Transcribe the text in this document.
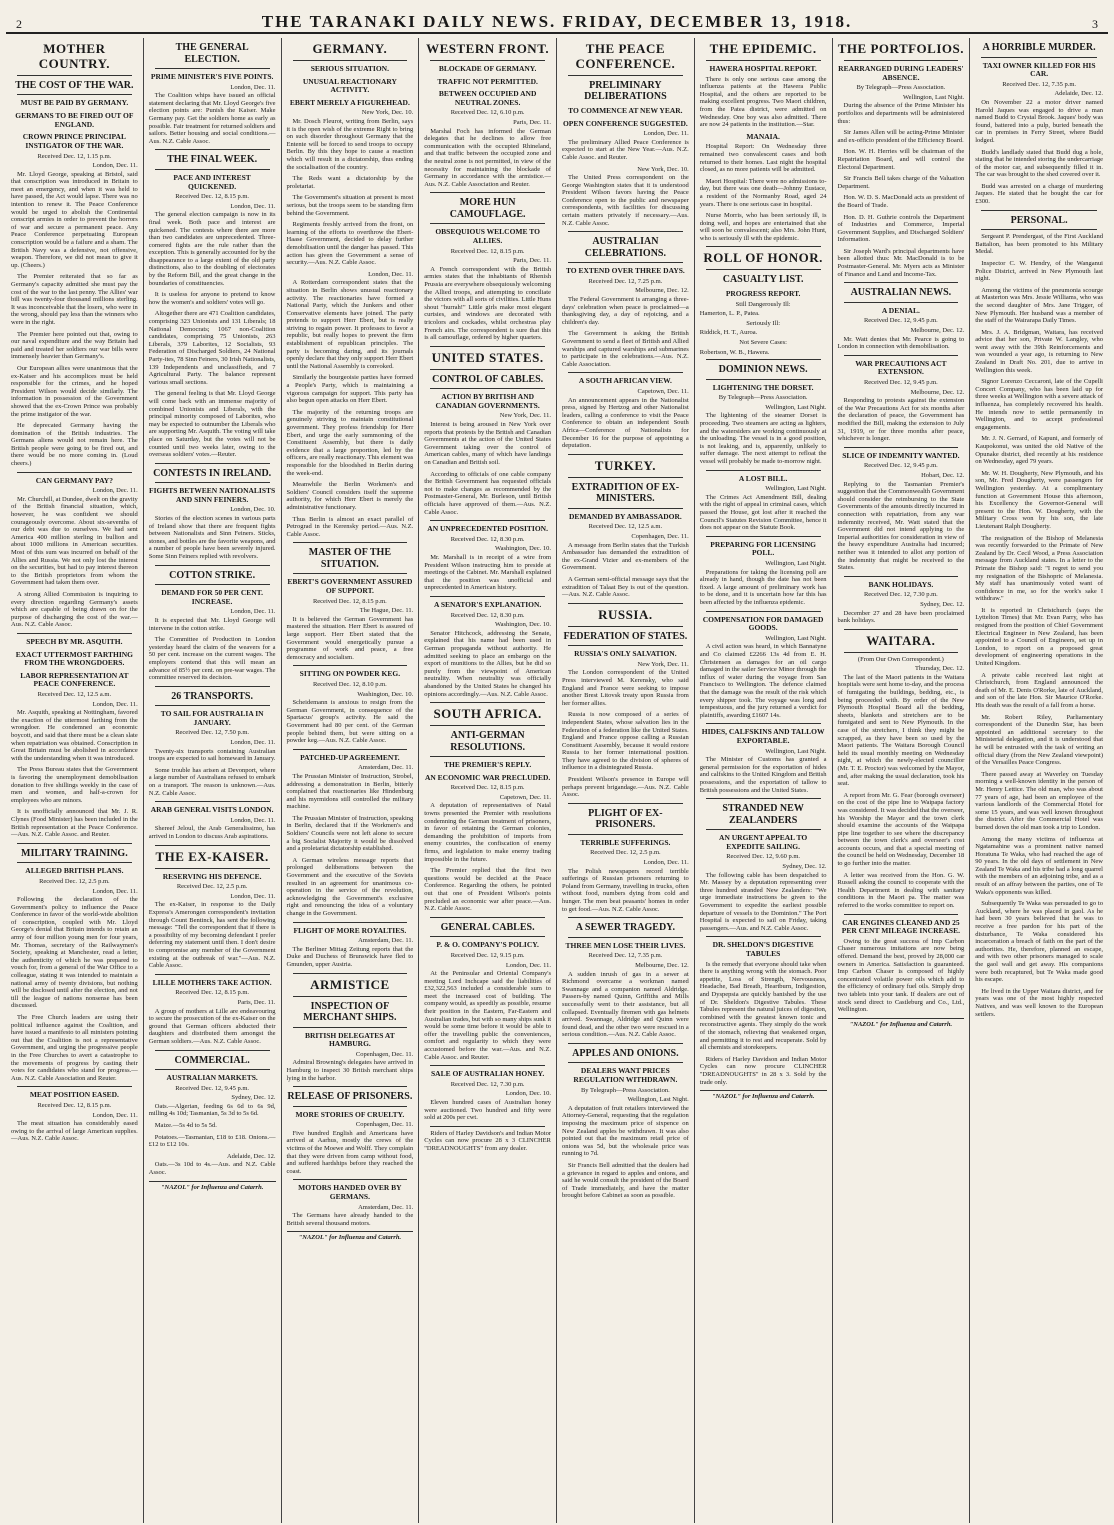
2	THE TARANAKI DAILY NEWS. FRIDAY, DECEMBER 13, 1918.	3
MOTHER COUNTRY.
THE COST OF THE WAR.
MUST BE PAID BY GERMANY.
GERMANS TO BE FIRED OUT OF ENGLAND.
CROWN PRINCE PRINCIPAL INSTIGATOR OF THE WAR.
Received Dec. 12, 1.15 p.m.
London, Dec. 11.

Mr. Lloyd George, speaking at Bristol, said that conscription was introduced in Britain to meet an emergency, and when it was held to have passed, the Act would lapse. There was no intention to renew it. The Peace Conference would be urged to abolish the Continental conscript armies in order to prevent the horrors of war and secure a permanent peace. Any Peace Conference perpetuating European conscription would be a failure and a sham. The British Navy was a defensive, not offensive, weapon. Therefore, we did not mean to give it up. (Cheers.)

The Premier reiterated that so far as Germany's capacity admitted she must pay the cost of the war to the last penny. The Allies' war bill was twenty-four thousand millions sterling. It was inconceivable that the losers, who were in the wrong, should pay less than the winners who were in the right.

The Premier here pointed out that, owing to our naval expenditure and the way Britain had paid and treated her soldiers our war bills were immensely heavier than Germany's.

Our European allies were unanimous that the ex-Kaiser and his accomplices must be held responsible for the crimes, and he hoped President Wilson would decide similarly. The information in possession of the Government showed that the ex-Crown Prince was probably the prime instigator of the war.

He deprecated Germany having the domination of the British industries. The Germans aliens would not remain here. The British people were going to be fired out, and there would be no more coming in. (Loud cheers.)

CAN GERMANY PAY?
London, Dec. 11.

Mr. Churchill, at Dundee, dwelt on the gravity of the British financial situation, which, however, he was confident we should courageously overcome. About six-sevenths of our debt was due to ourselves. We had sent America 400 million sterling in bullion and about 1000 millions in American securities. Most of this sum was incurred on behalf of the Allies and Russia. We not only lost the interest on the securities, but had to pay interest thereon to the British proprietors from whom the Government had taken them over.

A strong Allied Commission is inquiring to every direction regarding Germany's assets which are capable of being drawn on for the purpose of discharging the cost of the war.—Aus. N.Z. Cable Assoc.

SPEECH BY MR. ASQUITH.
EXACT UTTERMOST FARTHING FROM THE WRONGDOERS.
LABOR REPRESENTATION AT PEACE CONFERENCE.
Received Dec. 12, 12.5 a.m.
London, Dec. 11.

Mr. Asquith, speaking at Nottingham, favored the exaction of the uttermost farthing from the wrongdoer. He condemned an economic boycott, and said that there must be a clean slate when repatriation was obtained. Conscription in Great Britain must be abolished in accordance with the understanding when it was introduced.

The Press Bureau states that the Government is favoring the unemployment demobilisation donation to five shillings weekly in the case of men and women, and half-a-crown for employees who are minors.

It is unofficially announced that Mr. J. R. Clynes (Food Minister) has been included in the British representation at the Peace Conference.—Aus. N.Z. Cable Assoc. and Reuter.

MILITARY TRAINING.
ALLEGED BRITISH PLANS.
Received Dec. 12, 2.5 p.m.
London, Dec. 11.

Following the declaration of the Government's policy to influence the Peace Conference in favor of the world-wide abolition of conscription, coupled with Mr. Lloyd George's denial that Britain intends to retain an army of four million young men for four years, Mr. Thomas, secretary of the Railwaymen's Society, speaking at Manchester, read a letter, the authenticity of which he was prepared to vouch for, from a general of the War Office to a colleague, stating it was intended to maintain a national army of twenty divisions, but nothing will be disclosed until after the election, and not till the league of nations nonsense has been discussed.

The Free Church leaders are using their political influence against the Coalition, and have issued a manifesto to all ministers pointing out that the Coalition is not a representative Government, and urging the progressive people in the Free Churches to avert a catastrophe to the movements of progress by casting their votes for candidates who stand for progress.—Aus. N.Z. Cable Association and Reuter.

MEAT POSITION EASED.
Received Dec. 12, 8.15 p.m.
London, Dec. 11.

The meat situation has considerably eased owing to the arrival of large American supplies.—Aus. N.Z. Cable Assoc.

THE GENERAL ELECTION.
PRIME MINISTER'S FIVE POINTS.
London, Dec. 11.

The Coalition whips have issued an official statement declaring that Mr. Lloyd George's five election points are: Punish the Kaiser. Make Germany pay. Get the soldiers home as early as possible. Fair treatment for returned soldiers and sailors. Better housing and social conditions.—Aus. N.Z. Cable Assoc.

THE FINAL WEEK.
PACE AND INTEREST QUICKENED.
Received Dec. 12, 8.15 p.m.
London, Dec. 11.

The general election campaign is now in its final week. Both pace and interest are quickened. The contests where there are more than two candidates are unprecedented. Three-cornered fights are the rule rather than the exception. This is generally accounted for by the disappearance to a large extent of the old party distinctions, also to the doubling of electorates by the Reform Bill, and the great change in the boundaries of constituencies.

It is useless for anyone to pretend to know how the women's and soldiers' votes will go.

Altogether there are 471 Coalition candidates, comprising 323 Unionists and 131 Liberals; 18 National Democrats; 1067 non-Coalition candidates, comprising 75 Unionists, 263 Liberals, 379 Laborites, 12 Socialists, 93 Federation of Discharged Soldiers, 24 National Party-ites, 78 Sinn Feiners, 30 Irish Nationalists, 139 Independents and unclassifieds, and 7 Agricultural Party. The balance represent various small sections.

The general feeling is that Mr. Lloyd George will come back with an immense majority of combined Unionists and Liberals, with the principal minority composed of Laborites, who may be expected to outnumber the Liberals who are supporting Mr. Asquith. The voting will take place on Saturday, but the votes will not be counted until two weeks later, owing to the overseas soldiers' votes.—Reuter.

CONTESTS IN IRELAND.
FIGHTS BETWEEN NATIONALISTS AND SINN FEINERS.
London, Dec. 10.

Stories of the election scenes in various parts of Ireland show that there are frequent fights between Nationalists and Sinn Feiners. Sticks, stones, and bottles are the favorite weapons, and a number of people have been severely injured. Some Sinn Feiners replied with revolvers.

COTTON STRIKE.
DEMAND FOR 50 PER CENT. INCREASE.
London, Dec. 11.

It is expected that Mr. Lloyd George will intervene in the cotton strike.

The Committee of Production in London yesterday heard the claim of the weavers for a 50 per cent. increase on the current wages. The employers contend that this will mean an advance of 85½ per cent. on pre-war wages. The committee reserved its decision.

26 TRANSPORTS.
TO SAIL FOR AUSTRALIA IN JANUARY.
Received Dec. 12, 7.50 p.m.
London, Dec. 11.

Twenty-six transports containing Australian troops are expected to sail homeward in January.

Some trouble has arisen at Devonport, where a large number of Australians refused to embark on a transport. The reason is unknown.—Aus. N.Z. Cable Assoc.

ARAB GENERAL VISITS LONDON.
London, Dec. 11.

Shereef Jeloul, the Arab Generalissimo, has arrived in London to discuss Arab aspirations.

THE EX-KAISER.
RESERVING HIS DEFENCE.
Received Dec. 12, 2.5 p.m.
London, Dec. 11.

The ex-Kaiser, in response to the Daily Express's Amerongen correspondent's invitation through Count Bentinck, has sent the following message: "Tell the correspondent that if there is a possibility of my becoming defendant I prefer deferring my statement until then. I don't desire to compromise any member of the Government existing at the outbreak of war."—Aus. N.Z. Cable Assoc.

LILLE MOTHERS TAKE ACTION.
Received Dec. 12, 8.15 p.m.
Paris, Dec. 11.

A group of mothers at Lille are endeavouring to secure the prosecution of the ex-Kaiser on the ground that German officers abducted their daughters and distributed them amongst the German soldiers.—Aus. N.Z. Cable Assoc.

COMMERCIAL.
AUSTRALIAN MARKETS.
Received Dec. 12, 9.45 p.m.
Sydney, Dec. 12.

Oats.—Algerian, feeding 6s 6d to 6s 9d, milling 4s 10d; Tasmanian, 5s 3d to 5s 6d.

Maize.—5s 4d to 5s 5d.

Potatoes.—Tasmanian, £18 to £18. Onions.—£12 to £12 10s.

Adelaide, Dec. 12.

Oats.—3s 10d to 4s.—Aus. and N.Z. Cable Assoc.

"NAZOL" for Influenza and Catarrh.
GERMANY.
SERIOUS SITUATION.
UNUSUAL REACTIONARY ACTIVITY.
EBERT MERELY A FIGUREHEAD.
New York, Dec. 10.

Mr. Dosch Fleurot, writing from Berlin, says it is the open wish of the extreme Right to bring on such disorder throughout Germany that the Entente will be forced to send troops to occupy Berlin. By this they hope to cause a reaction which will result in a dictatorship, thus ending the socialisation of the country.

The Reds want a dictatorship by the proletariat.

The Government's situation at present is most serious, but the troops seem to be standing firm behind the Government.

Regiments freshly arrived from the front, on learning of the efforts to overthrow the Ebert-Haase Government, decided to delay further demobilisation until the danger has passed. This action has given the Government a sense of security.—Aus. N.Z. Cable Assoc.

London, Dec. 11.

A Rotterdam correspondent states that the situation in Berlin shows unusual reactionary activity. The reactionaries have formed a National Party, which the Junkers and other Conservative elements have joined. The party pretends to support Herr Ebert, but is really striving to regain power. It professes to favor a republic, but really hopes to prevent the firm establishment of republican principles. The party is becoming daring, and its journals openly declare that they only support Herr Ebert until the National Assembly is convoked.

Similarly the bourgeoisie parties have formed a People's Party, which is maintaining a vigorous campaign for support. This party has also begun open attacks on Herr Ebert.

The majority of the returning troops are genuinely striving to maintain constitutional government. They profess friendship for Herr Ebert, and urge the early summoning of the Constituent Assembly, but there is daily evidence that a large proportion, led by the officers, are really reactionary. This element was responsible for the bloodshed in Berlin during the week-end.

Meanwhile the Berlin Workmen's and Soldiers' Council considers itself the supreme authority, for which Herr Ebert is merely the administrative functionary.

Thus Berlin is almost an exact parallel of Petrograd in the Kerensky period.—Aus. N.Z. Cable Assoc.

MASTER OF THE SITUATION.
EBERT'S GOVERNMENT ASSURED OF SUPPORT.
Received Dec. 12, 8.15 p.m.
The Hague, Dec. 11.

It is believed the German Government has mastered the situation. Herr Ebert is assured of large support. Herr Ebert stated that the Government would energetically pursue a programme of work and peace, a free democracy and socialism.

SITTING ON POWDER KEG.
Received Dec. 12, 8.10 p.m.
Washington, Dec. 10.

Scheidemann is anxious to resign from the German Government, in consequence of the Spartacus' group's activity. He said the Government had 80 per cent. of the German people behind them, but were sitting on a powder keg.—Aus. N.Z. Cable Assoc.

PATCHED-UP AGREEMENT.
Amsterdam, Dec. 11.

The Prussian Minister of Instruction, Strobel, addressing a demonstration in Berlin, bitterly complained that reactionaries like Hindenburg and his myrmidons still controlled the military machine.

The Prussian Minister of Instruction, speaking in Berlin, declared that if the Workmen's and Soldiers' Councils were not left alone to secure a big Socialist Majority it would be dissolved and a proletariat dictatorship established.

A German wireless message reports that prolonged deliberations between the Government and the executive of the Soviets resulted in an agreement for unanimous co-operation in the service of the revolution, acknowledging the Government's exclusive right and renouncing the idea of a voluntary change in the Government.

FLIGHT OF MORE ROYALTIES.
Amsterdam, Dec. 11.

The Berliner Mittag Zeitung reports that the Duke and Duchess of Brunswick have fled to Gmunden, upper Austria.

ARMISTICE
INSPECTION OF MERCHANT SHIPS.
BRITISH DELEGATES AT HAMBURG.
Copenhagen, Dec. 11.

Admiral Browning's delegates have arrived in Hamburg to inspect 30 British merchant ships lying in the harbor.

RELEASE OF PRISONERS.
MORE STORIES OF CRUELTY.
Copenhagen, Dec. 11.

Five hundred English and Americans have arrived at Aarhus, mostly the crews of the victims of the Moewe and Wolff. They complain that they were driven from camp without food, and suffered hardships before they reached the coast.

MOTORS HANDED OVER BY GERMANS.
Amsterdam, Dec. 11.

The Germans have already handed to the British several thousand motors.

"NAZOL" for Influenza and Catarrh.
WESTERN FRONT.
BLOCKADE OF GERMANY.
TRAFFIC NOT PERMITTED.
BETWEEN OCCUPIED AND NEUTRAL ZONES.
Received Dec. 12, 6.10 p.m.
Paris, Dec. 11.

Marshal Foch has informed the German delegates that he declines to allow free communication with the occupied Rhineland, and that traffic between the occupied zone and the neutral zone is not permitted, in view of the necessity for maintaining the blockade of Germany in accordance with the armistice.—Aus. N.Z. Cable Association and Reuter.

MORE HUN CAMOUFLAGE.
OBSEQUIOUS WELCOME TO ALLIES.
Received Dec. 12, 8.15 p.m.
Paris, Dec. 11.

A French correspondent with the British armies states that the inhabitants of Rhenish Prussia are everywhere obsequiously welcoming the Allied troops, and attempting to conciliate the victors with all sorts of civilities. Little Huns shout "hurrah!" Little girls make most elegant curtsies, and windows are decorated with tricolors and cockades, whilst orchestras play French airs. The correspondent is sure that this is all camouflage, ordered by higher quarters.

UNITED STATES.
CONTROL OF CABLES.
ACTION BY BRITISH AND CANADIAN GOVERNMENTS.
New York, Dec. 11.

Interest is being aroused in New York over reports that protests by the British and Canadian Governments at the action of the United States Government taking over the control of American cables, many of which have landings on Canadian and British soil.

According to officials of one cable company the British Government has requested officials not to make changes as recommended by the Postmaster-General, Mr. Burleson, until British officials have approved of them.—Aus. N.Z. Cable Assoc.

AN UNPRECEDENTED POSITION.
Received Dec. 12, 8.30 p.m.
Washington, Dec. 10.

Mr. Marshall is in receipt of a wire from President Wilson instructing him to preside at meetings of the Cabinet. Mr. Marshall explained that the position was unofficial and unprecedented in American history.

A SENATOR'S EXPLANATION.
Received Dec. 12, 8.30 p.m.
Washington, Dec. 10.

Senator Hitchcock, addressing the Senate, explained that his name had been used in German propaganda without authority. He admitted seeking to place an embargo on the export of munitions to the Allies, but he did so purely from the viewpoint of American neutrality. When neutrality was officially abandoned by the United States he changed his opinions accordingly.—Aus. N.Z. Cable Assoc.

SOUTH AFRICA.
ANTI-GERMAN RESOLUTIONS.
THE PREMIER'S REPLY.
AN ECONOMIC WAR PRECLUDED.
Received Dec. 12, 8.15 p.m.
Capetown, Dec. 11.

A deputation of representatives of Natal towns presented the Premier with resolutions condemning the German treatment of prisoners, in favor of retaining the German colonies, demanding the prohibition of imports from enemy countries, the confiscation of enemy firms, and legislation to make enemy trading impossible in the future.

The Premier replied that the first two questions would be decided at the Peace Conference. Regarding the others, he pointed out that one of President Wilson's points precluded an economic war after peace.—Aus. N.Z. Cable Assoc.

GENERAL CABLES.
P. & O. COMPANY'S POLICY.
Received Dec. 12, 9.15 p.m.
London, Dec. 11.

At the Peninsular and Oriental Company's meeting Lord Inchcape said the liabilities of £32,322,563 included a considerable sum to meet the increased cost of building. The company would, as speedily as possible, resume their position in the Eastern, Far-Eastern and Australian trades, but with so many ships sunk it would be some time before it would be able to offer the travelling public the conveniences, comfort and regularity to which they were accustomed before the war.—Aus. and N.Z. Cable Assoc. and Reuter.

SALE OF AUSTRALIAN HONEY.
Received Dec. 12, 7.30 p.m.
London, Dec. 10.

Eleven hundred cases of Australian honey were auctioned. Two hundred and fifty were sold at 200s per cwt.

Riders of Harley Davidson's and Indian Motor Cycles can now procure 28 x 3 CLINCHER "DREADNOUGHTS" from any dealer.

THE PEACE CONFERENCE.
PRELIMINARY DELIBERATIONS
TO COMMENCE AT NEW YEAR.
OPEN CONFERENCE SUGGESTED.
London, Dec. 11.

The preliminary Allied Peace Conference is expected to start at the New Year.—Aus. N.Z. Cable Assoc. and Reuter.

New York, Dec. 10.

The United Press correspondent on the George Washington states that it is understood President Wilson favors having the Peace Conference open to the public and newspaper correspondents, with facilities for discussing certain matters privately if necessary.—Aus. N.Z. Cable Assoc.

AUSTRALIAN CELEBRATIONS.
TO EXTEND OVER THREE DAYS.
Received Dec. 12, 7.25 p.m.
Melbourne, Dec. 12.

The Federal Government is arranging a three-days' celebration when peace is proclaimed—a thanksgiving day, a day of rejoicing, and a children's day.

The Government is asking the British Government to send a fleet of British and Allied warships and captured warships and submarines to participate in the celebrations.—Aus. N.Z. Cable Association.

A SOUTH AFRICAN VIEW.
Capetown, Dec. 11.

An announcement appears in the Nationalist press, signed by Hertzog and other Nationalist leaders, calling a conference to visit the Peace Conference to obtain an independent South Africa—Conference of Nationalists for December 16 for the purpose of appointing a deputation.

TURKEY.
EXTRADITION OF EX-MINISTERS.
DEMANDED BY AMBASSADOR.
Received Dec. 12, 12.5 a.m.
Copenhagen, Dec. 11.

A message from Berlin states that the Turkish Ambassador has demanded the extradition of the ex-Grand Vizier and ex-members of the Government.

A German semi-official message says that the extradition of Talaat Bey is out of the question.—Aus. N.Z. Cable Assoc.

RUSSIA.
FEDERATION OF STATES.
RUSSIA'S ONLY SALVATION.
New York, Dec. 11.

The London correspondent of the United Press interviewed M. Kerensky, who said England and France were seeking to impose another Brest Litovsk treaty upon Russia from her former allies.

Russia is now composed of a series of independent States, whose salvation lies in the Federation of a federation like the United States. England and France oppose calling a Russian Constituent Assembly, because it would restore Russia to her former international position. They have agreed to the division of spheres of influence in a disintegrated Russia.

President Wilson's presence in Europe will perhaps prevent brigandage.—Aus. N.Z. Cable Assoc.

PLIGHT OF EX-PRISONERS.
TERRIBLE SUFFERINGS.
Received Dec. 12, 2.5 p.m.
London, Dec. 11.

The Polish newspapers record terrible sufferings of Russian prisoners returning to Poland from Germany, travelling in trucks, often without food, numbers dying from cold and hunger. The men beat peasants' homes in order to get food.—Aus. N.Z. Cable Assoc.

A SEWER TRAGEDY.
THREE MEN LOSE THEIR LIVES.
Received Dec. 12, 7.35 p.m.
Melbourne, Dec. 12.

A sudden inrush of gas in a sewer at Richmond overcame a workman named Swannage and a companion named Aldridge. Passers-by named Quinn, Griffiths and Mills successfully went to their assistance, but all collapsed. Eventually firemen with gas helmets arrived. Swannage, Aldridge and Quinn were found dead, and the other two were rescued in a serious condition.—Aus. N.Z. Cable Assoc.

APPLES AND ONIONS.
DEALERS WANT PRICES REGULATION WITHDRAWN.
By Telegraph—Press Association.
Wellington, Last Night.

A deputation of fruit retailers interviewed the Attorney-General, requesting that the regulation imposing the maximum price of sixpence on New Zealand apples be withdrawn. It was also pointed out that the maximum retail price of onions was 5d, but the wholesale price was running to 7d.

Sir Francis Bell admitted that the dealers had a grievance in regard to apples and onions, and said he would consult the president of the Board of Trade immediately, and have the matter brought before Cabinet as soon as possible.

THE EPIDEMIC.
HAWERA HOSPITAL REPORT.

There is only one serious case among the influenza patients at the Hawera Public Hospital, and the others are reported to be making excellent progress. Two Maori children, from the Patea district, were admitted on Wednesday. One boy was also admitted. There are now 24 patients in the institution.—Star.

MANAIA.

Hospital Report: On Wednesday three remained two convalescent cases and both returned to their homes. Last night the hospital closed, as no more patients will be admitted.

Maori Hospital: There were no admissions to-day, but there was one death—Johnny Eustace, a resident of the Normanby Road, aged 24 years. There is one serious case in hospital.

Nurse Morris, who has been seriously ill, is doing well, and hopes are entertained that she will soon be convalescent; also Mrs. John Hunt, who is seriously ill with the epidemic.

ROLL OF HONOR.
CASUALTY LIST.
PROGRESS REPORT.
Still Dangerously Ill:
Hamerton, L. P., Patea.
Seriously Ill:
Riddick, H. T., Auroa.
Not Severe Cases:
Robertson, W. B., Hawera.
DOMINION NEWS.
LIGHTENING THE DORSET.
By Telegraph—Press Association.
Wellington, Last Night.

The lightening of the steamer Dorset is proceeding. Two steamers are acting as lighters, and the watersiders are working continuously at the unloading. The vessel is in a good position, is not leaking, and is, apparently, unlikely to suffer damage. The next attempt to refloat the vessel will probably be made to-morrow night.

A LOST BILL.
Wellington, Last Night.

The Crimes Act Amendment Bill, dealing with the right of appeal in criminal cases, which passed the House, got lost after it reached the Council's Statutes Revision Committee, hence it does not appear on the Statute Book.

PREPARING FOR LICENSING POLL.
Wellington, Last Night.

Preparations for taking the licensing poll are already in hand, though the date has not been fixed. A large amount of preliminary work has to be done, and it is uncertain how far this has been affected by the influenza epidemic.

COMPENSATION FOR DAMAGED GOODS.
Wellington, Last Night.

A civil action was heard, in which Bannatyne and Co claimed £2266 13s 4d from E. H. Christensen as damages for an oil cargo damaged in the sailer Service Minor through the influx of water during the voyage from San Francisco to Wellington. The defence claimed that the damage was the result of the risk which every shipper took. The voyage was long and tempestuous, and the jury returned a verdict for plaintiffs, awarding £1607 14s.

HIDES, CALFSKINS AND TALLOW EXPORTABLE.
Wellington, Last Night.

The Minister of Customs has granted a general permission for the exportation of hides and calfskins to the United Kingdom and British possessions, and the exportation of tallow to British possessions and the United States.

STRANDED NEW ZEALANDERS
AN URGENT APPEAL TO EXPEDITE SAILING.
Received Dec. 12, 9.60 p.m.
Sydney, Dec. 12.

The following cable has been despatched to Mr. Massey by a deputation representing over three hundred stranded New Zealanders: "We urge immediate instructions be given to the Government to expedite the earliest possible departure of vessels to the Dominion." The Port Hospital is expected to sail on Friday, taking passengers.—Aus. and N.Z. Cable Assoc.

DR. SHELDON'S DIGESTIVE TABULES

Is the remedy that everyone should take when there is anything wrong with the stomach. Poor appetite, Loss of Strength, Nervousness, Headache, Bad Breath, Heartburn, Indigestion, and Dyspepsia are quickly banished by the use of Dr. Sheldon's Digestive Tabules. These Tabules represent the natural juices of digestion, combined with the greatest known tonic and reconstructive agents. They simply do the work of the stomach, relieving that weakened organ, and permitting it to rest and recuperate. Sold by all chemists and storekeepers.

Riders of Harley Davidson and Indian Motor Cycles can now procure CLINCHER "DREADNOUGHTS" in 28 x 3. Sold by the trade only.

"NAZOL" for Influenza and Catarrh.
THE PORTFOLIOS.
REARRANGED DURING LEADERS' ABSENCE.
By Telegraph—Press Association.
Wellington, Last Night.

During the absence of the Prime Minister his portfolios and departments will be administered thus:

Sir James Allen will be acting-Prime Minister and ex-officio president of the Efficiency Board.

Hon. W. H. Herries will be chairman of the Repatriation Board, and will control the Electoral Department.

Sir Francis Bell takes charge of the Valuation Department.

Hon. W. D. S. MacDonald acts as president of the Board of Trade.

Hon. D. H. Guthrie controls the Department of Industries and Commerce, Imperial Government Supplies, and Discharged Soldiers' Information.

Sir Joseph Ward's principal departments have been allotted thus: Mr. MacDonald is to be Postmaster-General. Mr. Myers acts as Minister of Finance and Land and Income-Tax.

AUSTRALIAN NEWS.
A DENIAL.
Received Dec. 12, 9.45 p.m.
Melbourne, Dec. 12.

Mr. Watt denies that Mr. Pearce is going to London in connection with demobilisation.

WAR PRECAUTIONS ACT EXTENSION.
Received Dec. 12, 9.45 p.m.
Melbourne, Dec. 12.

Responding to protests against the extension of the War Precautions Act for six months after the declaration of peace, the Government has modified the Bill, making the extension to July 31, 1919, or for three months after peace, whichever is longer.

SLICE OF INDEMNITY WANTED.
Received Dec. 12, 9.45 p.m.
Hobart, Dec. 12.

Replying to the Tasmanian Premier's suggestion that the Commonwealth Government should consider the reimbursing to the State Governments of the amounts directly incurred in connection with repatriation, from any war indemnity received, Mr. Watt stated that the Government did not intend applying to the Imperial authorities for consideration in view of the heavy expenditure Australia had incurred; neither was it intended to allot any portion of the indemnity that might be received to the States.

BANK HOLIDAYS.
Received Dec. 12, 7.30 p.m.
Sydney, Dec. 12.

December 27 and 28 have been proclaimed bank holidays.

WAITARA.
(From Our Own Correspondent.)
Thursday, Dec. 12.

The last of the Maori patients in the Waitara hospitals were sent home to-day, and the process of fumigating the buildings, bedding, etc., is being proceeded with. By order of the New Plymouth Hospital Board all the bedding, sheets, blankets and stretchers are to be fumigated and sent to New Plymouth. In the case of the stretchers, I think they might be scrapped, as they have been so used by the Maori patients. The Waitara Borough Council held its usual monthly meeting on Wednesday night, at which the newly-elected councillor (Mr. T. E. Proctor) was welcomed by the Mayor, and, after making the usual declaration, took his seat.

A report from Mr. G. Fear (borough overseer) on the cost of the pipe line to Waipapa factory was considered. It was decided that the overseer, his Worship the Mayor and the town clerk should examine the accounts of the Waipapa pipe line together to see where the discrepancy between the town clerk's and overseer's cost accounts occurs, and that a special meeting of the council be held on Wednesday, December 18 to go further into the matter.

A letter was received from the Hon. G. W. Russell asking the council to cooperate with the Health Department in dealing with sanitary conditions in the Maori pa. The matter was referred to the works committee to report on.

CAR ENGINES CLEANED AND 25 PER CENT MILEAGE INCREASE.

Owing to the great success of Imp Carbon Chaser numerous imitations are now being offered. Demand the best, proved by 28,000 car owners in America. Satisfaction is guaranteed. Imp Carbon Chaser is composed of highly concentrated volatile power oils which add to the efficiency of ordinary fuel oils. Simply drop two tablets into your tank. If dealers are out of stock send direct to Castleburg and Co., Ltd., Wellington.

"NAZOL" for Influenza and Catarrh.
A HORRIBLE MURDER.
TAXI OWNER KILLED FOR HIS CAR.
Received Dec. 12, 7.35 p.m.
Adelaide, Dec. 12.

On November 22 a motor driver named Harold Jaques was engaged to drive a man named Budd to Crystal Brook. Jaques' body was found, battered into a pulp, buried beneath the car in premises in Ferry Street, where Budd lodged.

Budd's landlady stated that Budd dug a hole, stating that he intended storing the undercarriage of the motor car, and subsequently filled it in. The car was brought to the shed covered over it.

Budd was arrested on a charge of murdering Jaques. He stated that he bought the car for £300.

PERSONAL.

Sergeant P. Prendergast, of the First Auckland Battalion, has been promoted to his Military Medal.

Inspector C. W. Hendry, of the Wanganui Police District, arrived in New Plymouth last night.

Among the victims of the pneumonia scourge at Masterton was Mrs. Jessie Williams, who was the second daughter of Mrs. Jane Trigger, of New Plymouth. Her husband was a member of the staff of the Wairarapa Daily Times.

Mrs. J. A. Bridgman, Waitara, has received advice that her son, Private W. Langley, who went away with the 39th Reinforcements and was wounded a year ago, is returning to New Zealand in Draft No. 201, due to arrive in Wellington this week.

Signor Lorenzo Ceccaroni, late of the Cupelli Concert Company, who has been laid up for three weeks at Wellington with a severe attack of influenza, has completely recovered his health. He intends now to settle permanently in Wellington, and to accept professional engagements.

Mr. J. N. Gerrard, of Kapuni, and formerly of Kaupokonui, was united the old Native of the Opunake district, died recently at his residence on Wednesday, aged 79 years.

Mr. W. H. Dougherty, New Plymouth, and his son, Mr. Fred Dougherty, were passengers for Wellington yesterday. At a complimentary function at Government House this afternoon, his Excellency the Governor-General will present to the Hon. W. Dougherty, with the Military Cross won by his son, the late Lieutenant Ralph Dougherty.

The resignation of the Bishop of Melanesia was recently forwarded to the Primate of New Zealand by Dr. Cecil Wood, a Press Association message from Auckland states. In a letter to the Primate the Bishop said: "I regret to send you my resignation of the Bishopric of Melanesia. My staff has unanimously voted want of confidence in me, so for the work's sake I withdraw."

It is reported in Christchurch (says the Lyttelton Times) that Mr. Evan Parry, who has resigned from the position of Chief Government Electrical Engineer in New Zealand, has been appointed to a Council of Engineers, set up in London, to report on a proposed great development of engineering operations in the United Kingdom.

A private cable received last night at Christchurch, from England announced the death of Mr. E. Denis O'Rorke, late of Auckland, and son of the late Hon. Sir Maurice O'Rorke. His death was the result of a fall from a horse.

Mr. Robert Riley, Parliamentary correspondent of the Dunedin Star, has been appointed an additional secretary to the Ministerial delegation, and it is understood that he will be entrusted with the task of writing an official diary (from the New Zealand viewpoint) of the Versailles Peace Congress.

There passed away at Waverley on Tuesday morning a well-known identity in the person of Mr. Henry Lettice. The old man, who was about 77 years of age, had been an employee of the various landlords of the Commercial Hotel for some 15 years, and was well known throughout the district. After the Commercial Hotel was burned down the old man took a trip to London.

Among the many victims of influenza at Ngatamahine was a prominent native named Horatuna Te Waka, who had reached the age of 90 years. In the old days of settlement in New Zealand Te Waka and his tribe had a long quarrel with the members of an adjoining tribe, and as a result of an affray between the parties, one of Te Waka's opponents was killed.

Subsequently Te Waka was persuaded to go to Auckland, where he was placed in gaol. As he had been 30 years believed that he was to receive a free pardon for his part of the disturbance, Te Waka considered his incarceration a breach of faith on the part of the authorities. He, therefore, planned an escape, and with two other prisoners managed to scale the gaol wall and get away. His companions were both recaptured, but Te Waka made good his escape.

He lived in the Upper Waitara district, and for years was one of the most highly respected Natives, and was well known to the European settlers.
